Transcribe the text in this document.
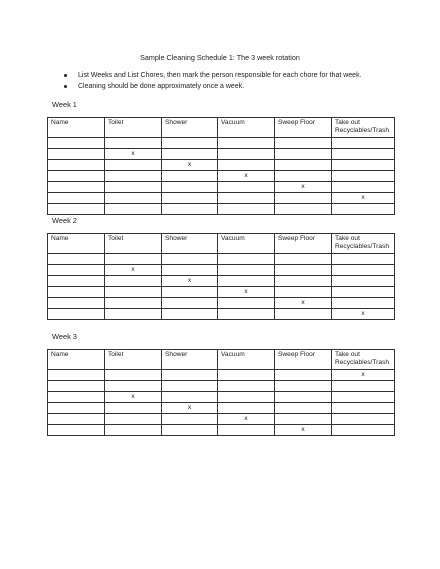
Sample Cleaning Schedule 1: The 3 week rotation
List Weeks and List Chores, then mark the person responsible for each chore for that week.
Cleaning should be done approximately once a week.
Week 1
Name	Toilet	Shower	Vacuum	Sweep Floor	Take out Recyclables/Trash

	x				
		x			
			x		
				x	
					x

Week 2
Name	Toilet	Shower	Vacuum	Sweep Floor	Take out Recyclables/Trash

	x				
		x			
			x		
				x	
					x
Week 3
Name	Toilet	Shower	Vacuum	Sweep Floor	Take out Recyclables/Trash
					x

	x				
		x			
			x		
				x	
